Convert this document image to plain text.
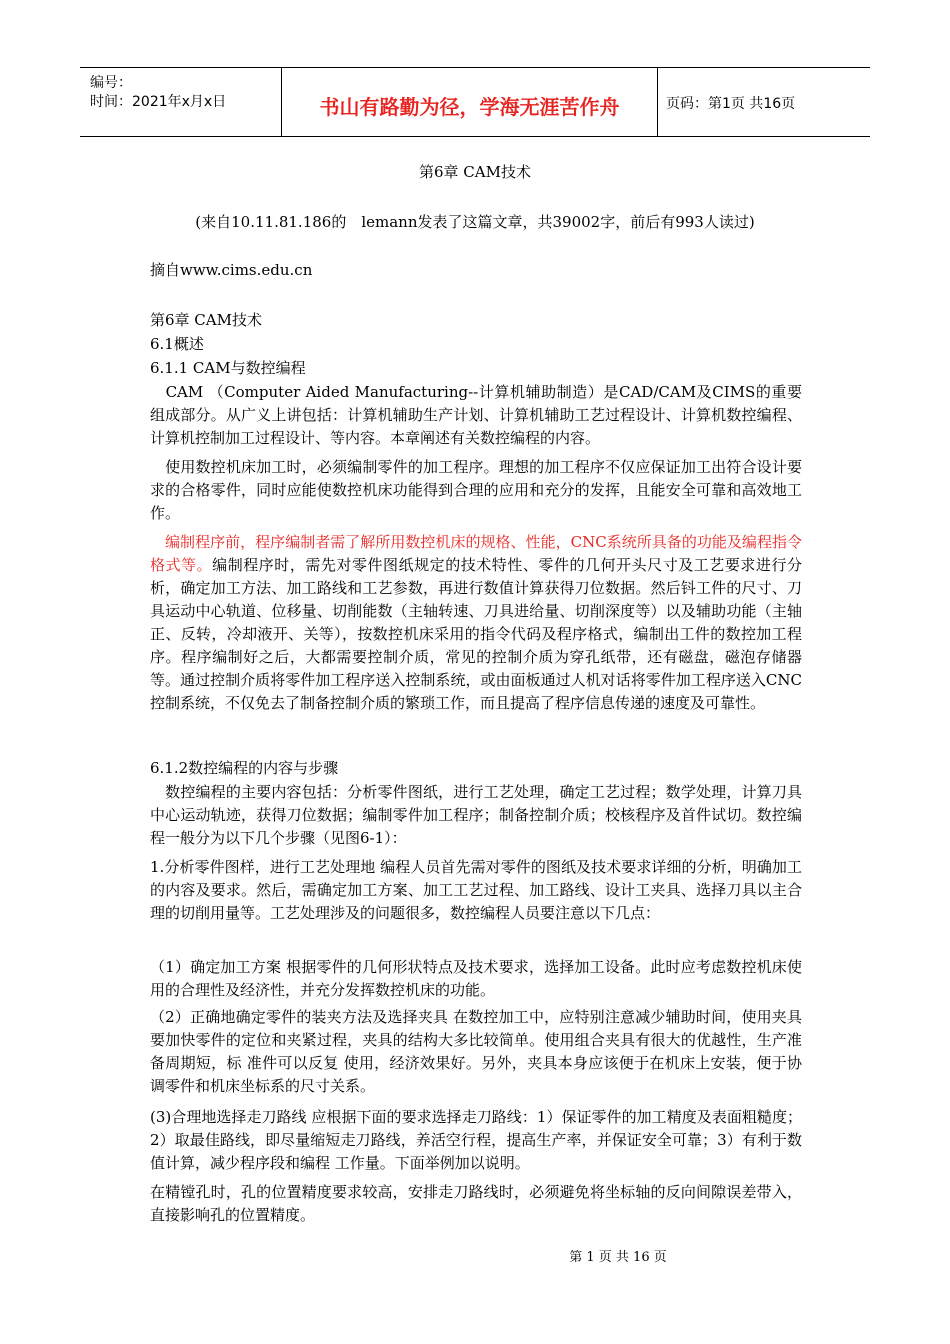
编号：
时间：2021年x月x日	书山有路勤为径，学海无涯苦作舟	页码：第1页 共16页
第6章 CAM技术
(来自10.11.81.186的　lemann发表了这篇文章，共39002字，前后有993人读过)
摘自www.cims.edu.cn
第6章 CAM技术
6.1概述
6.1.1 CAM与数控编程
　CAM （Computer Aided Manufacturing--计算机辅助制造）是CAD/CAM及CIMS的重要组成部分。从广义上讲包括：计算机辅助生产计划、计算机辅助工艺过程设计、计算机数控编程、计算机控制加工过程设计、等内容。本章阐述有关数控编程的内容。
　使用数控机床加工时，必须编制零件的加工程序。理想的加工程序不仅应保证加工出符合设计要求的合格零件，同时应能使数控机床功能得到合理的应用和充分的发挥，且能安全可靠和高效地工作。
　编制程序前，程序编制者需了解所用数控机床的规格、性能，CNC系统所具备的功能及编程指令格式等。编制程序时，需先对零件图纸规定的技术特性、零件的几何开头尺寸及工艺要求进行分析，确定加工方法、加工路线和工艺参数，再进行数值计算获得刀位数据。然后钭工件的尺寸、刀具运动中心轨道、位移量、切削能数（主轴转速、刀具进给量、切削深度等）以及辅助功能（主轴正、反转，冷却液开、关等），按数控机床采用的指令代码及程序格式，编制出工件的数控加工程序。程序编制好之后，大都需要控制介质，常见的控制介质为穿孔纸带，还有磁盘，磁泡存储器等。通过控制介质将零件加工程序送入控制系统，或由面板通过人机对话将零件加工程序送入CNC控制系统，不仅免去了制备控制介质的繁琐工作，而且提高了程序信息传递的速度及可靠性。
6.1.2数控编程的内容与步骤
　数控编程的主要内容包括：分析零件图纸，进行工艺处理，确定工艺过程；数学处理，计算刀具中心运动轨迹，获得刀位数据；编制零件加工程序；制备控制介质；校核程序及首件试切。数控编程一般分为以下几个步骤（见图6-1）：
1.分析零件图样，进行工艺处理地 编程人员首先需对零件的图纸及技术要求详细的分析，明确加工的内容及要求。然后，需确定加工方案、加工工艺过程、加工路线、设计工夹具、选择刀具以主合理的切削用量等。工艺处理涉及的问题很多，数控编程人员要注意以下几点：
（1）确定加工方案 根据零件的几何形状特点及技术要求，选择加工设备。此时应考虑数控机床使用的合理性及经济性，并充分发挥数控机床的功能。
（2）正确地确定零件的装夹方法及选择夹具 在数控加工中，应特别注意减少辅助时间，使用夹具要加快零件的定位和夹紧过程，夹具的结构大多比较简单。使用组合夹具有很大的优越性，生产准备周期短，标 准件可以反复 使用，经济效果好。另外，夹具本身应该便于在机床上安装，便于协调零件和机床坐标系的尺寸关系。
(3)合理地选择走刀路线 应根据下面的要求选择走刀路线：1）保证零件的加工精度及表面粗糙度；2）取最佳路线，即尽量缩短走刀路线，养活空行程，提高生产率，并保证安全可靠；3）有利于数值计算，减少程序段和编程 工作量。下面举例加以说明。
在精镗孔时，孔的位置精度要求较高，安排走刀路线时，必须避免将坐标轴的反向间隙误差带入，直接影响孔的位置精度。
第 1 页 共 16 页
